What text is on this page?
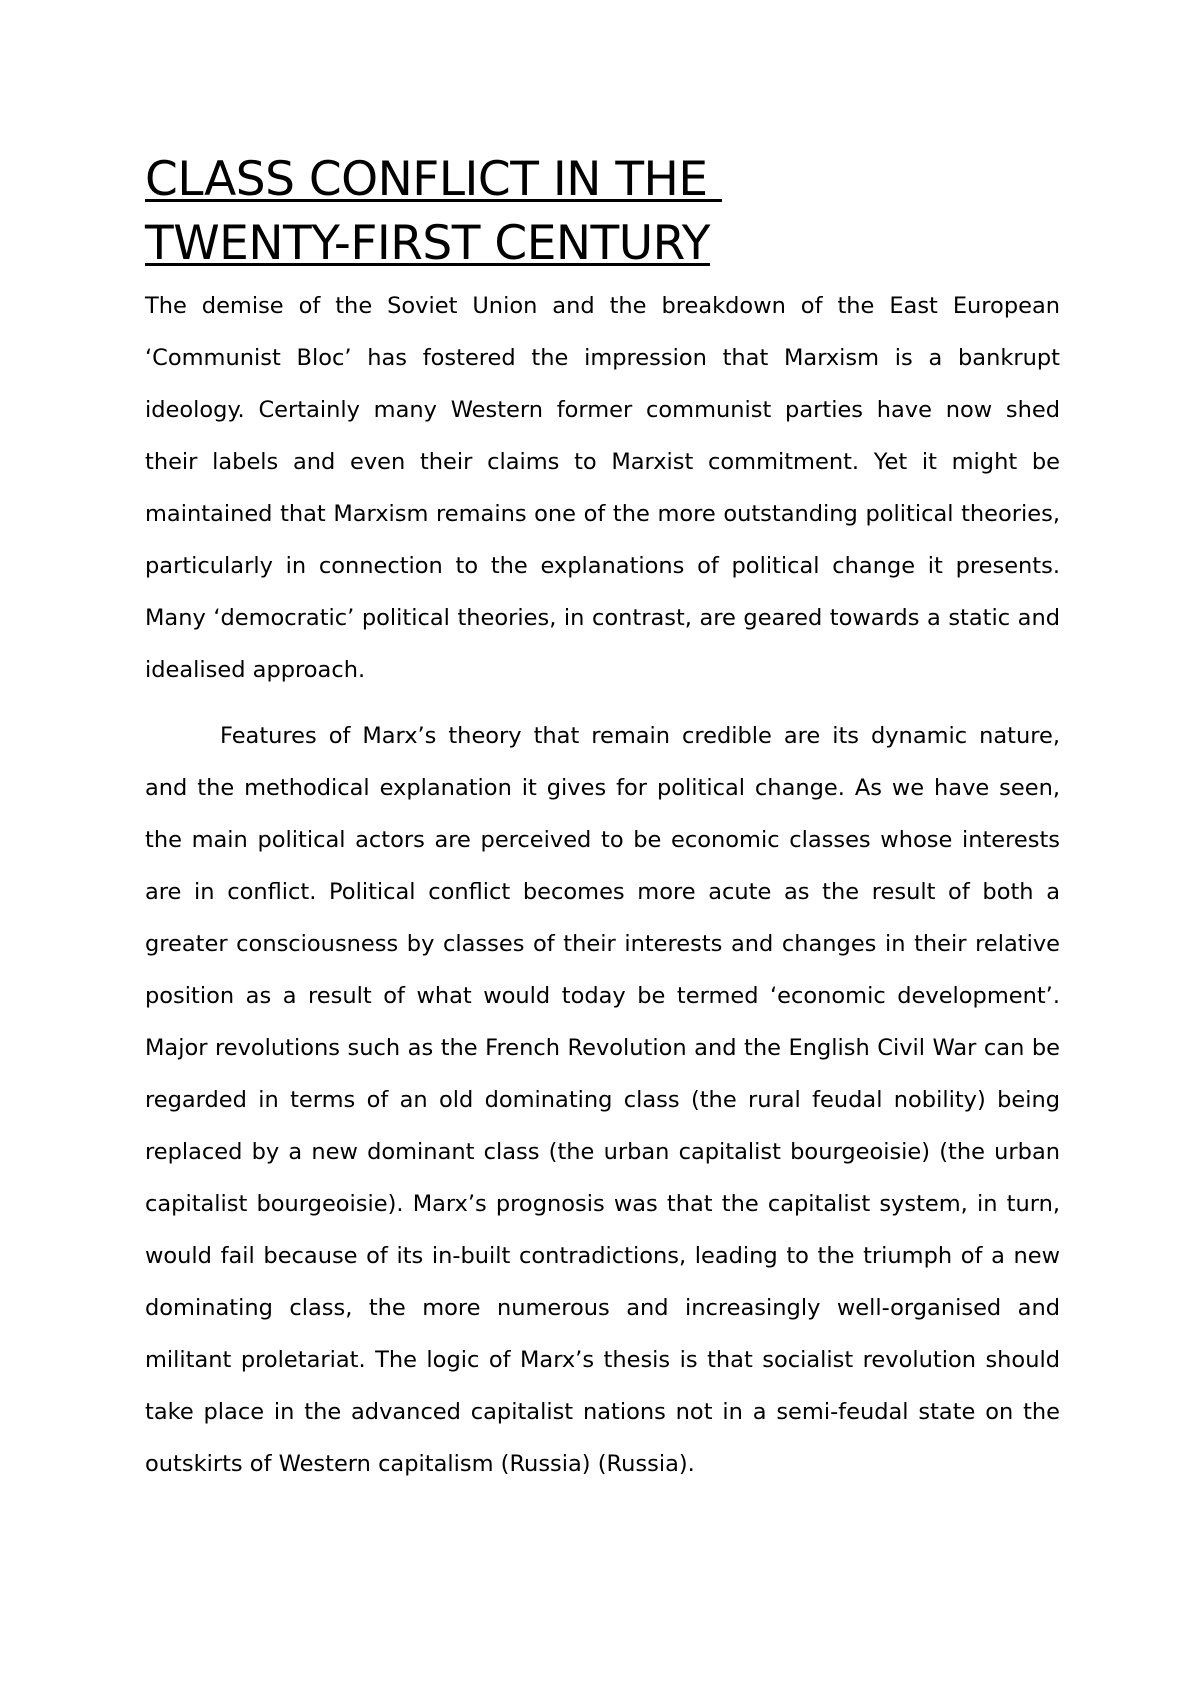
CLASS CONFLICT IN THE
TWENTY-FIRST CENTURY

The demise of the Soviet Union and the breakdown of the East European ‘Communist Bloc’ has fostered the impression that Marxism is a bankrupt ideology. Certainly many Western former communist parties have now shed their labels and even their claims to Marxist commitment. Yet it might be maintained that Marxism remains one of the more outstanding political theories, particularly in connection to the explanations of political change it presents. Many ‘democratic’ political theories, in contrast, are geared towards a static and idealised approach.

Features of Marx’s theory that remain credible are its dynamic nature, and the methodical explanation it gives for political change. As we have seen, the main political actors are perceived to be economic classes whose interests are in conflict. Political conflict becomes more acute as the result of both a greater consciousness by classes of their interests and changes in their relative position as a result of what would today be termed ‘economic development’. Major revolutions such as the French Revolution and the English Civil War can be regarded in terms of an old dominating class (the rural feudal nobility) being replaced by a new dominant class (the urban capitalist bourgeoisie) (the urban capitalist bourgeoisie). Marx’s prognosis was that the capitalist system, in turn, would fail because of its in-built contradictions, leading to the triumph of a new dominating class, the more numerous and increasingly well-organised and militant proletariat. The logic of Marx’s thesis is that socialist revolution should take place in the advanced capitalist nations not in a semi-feudal state on the outskirts of Western capitalism (Russia) (Russia).
